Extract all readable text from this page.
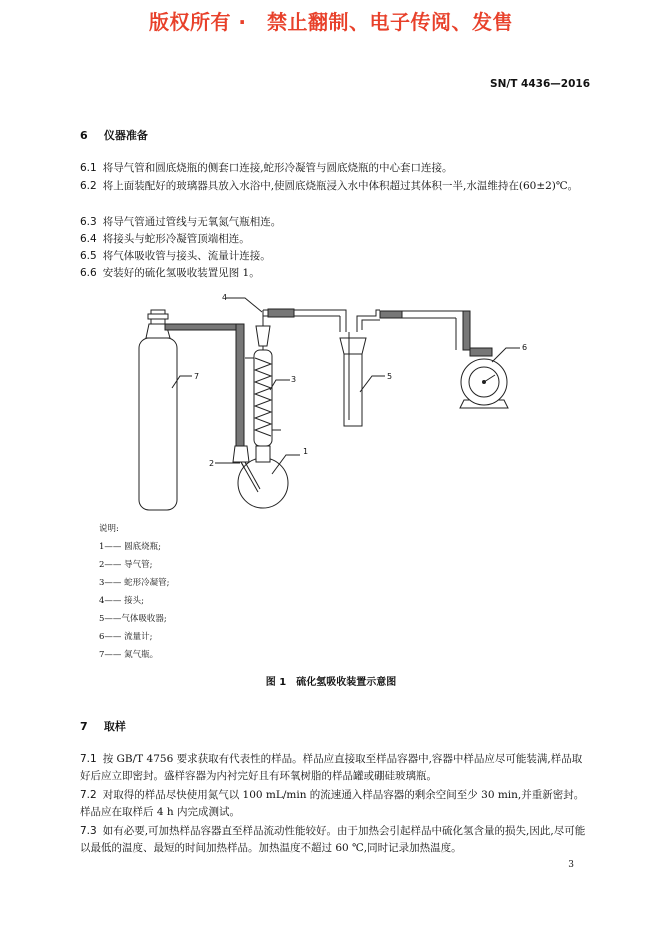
版权所有 ·　禁止翻制、电子传阅、发售
SN/T 4436—2016
6 仪器准备
6.1 将导气管和圆底烧瓶的侧套口连接,蛇形冷凝管与圆底烧瓶的中心套口连接。
6.2 将上面装配好的玻璃器具放入水浴中,使圆底烧瓶浸入水中体积超过其体积一半,水温维持在(60±2)℃。
6.3 将导气管通过管线与无氧氮气瓶相连。
6.4 将接头与蛇形冷凝管顶端相连。
6.5 将气体吸收管与接头、流量计连接。
6.6 安装好的硫化氢吸收装置见图 1。
1
2
3
4
5
6
7
说明:
1—— 圆底烧瓶;
2—— 导气管;
3—— 蛇形冷凝管;
4—— 接头;
5——气体吸收器;
6—— 流量计;
7—— 氮气瓶。
图 1　硫化氢吸收装置示意图
7 取样
7.1 按 GB/T 4756 要求获取有代表性的样品。样品应直接取至样品容器中,容器中样品应尽可能装满,样品取好后应立即密封。盛样容器为内衬完好且有环氧树脂的样品罐或硼硅玻璃瓶。
7.2 对取得的样品尽快使用氮气以 100 mL/min 的流速通入样品容器的剩余空间至少 30 min,并重新密封。样品应在取样后 4 h 内完成测试。
7.3 如有必要,可加热样品容器直至样品流动性能较好。由于加热会引起样品中硫化氢含量的损失,因此,尽可能以最低的温度、最短的时间加热样品。加热温度不超过 60 ℃,同时记录加热温度。
3
